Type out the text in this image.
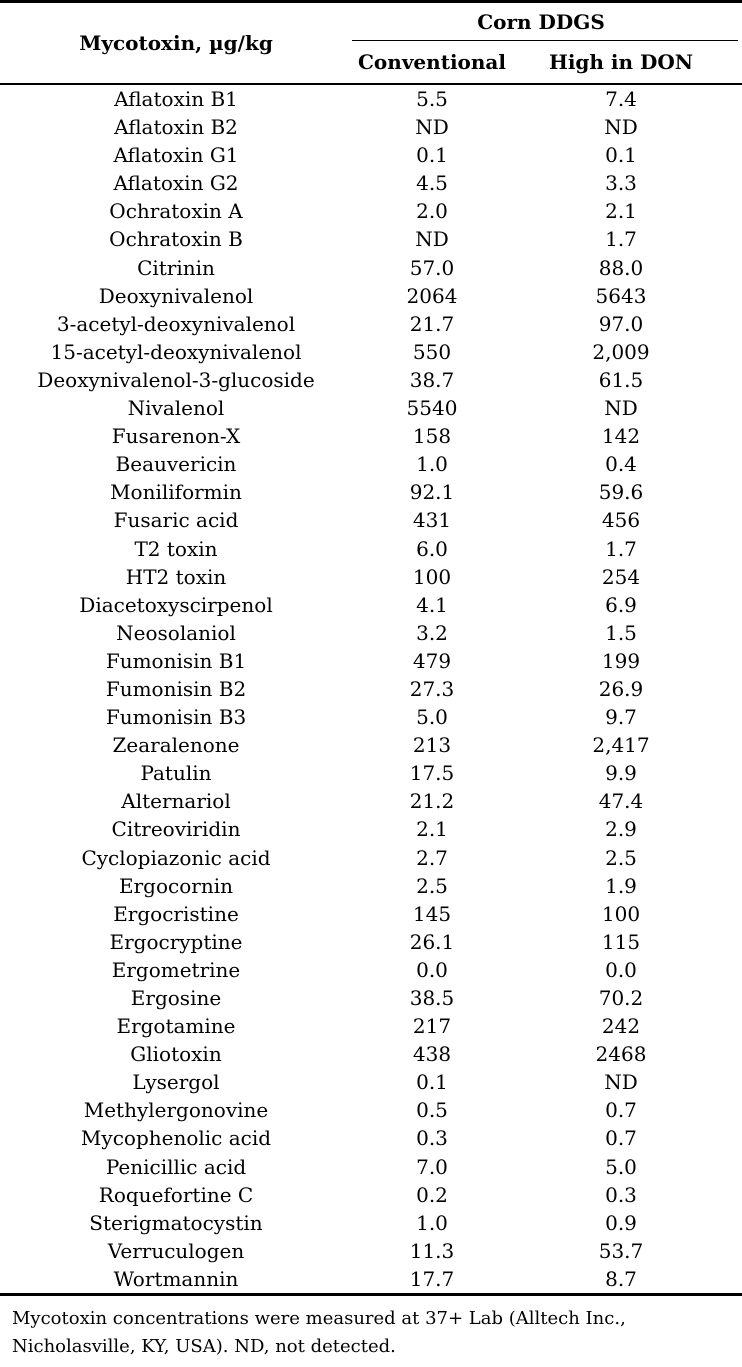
Mycotoxin, µg/kg	Corn DDGS	
	Conventional	High in DON
Aflatoxin B1	5.5	7.4
Aflatoxin B2	ND	ND
Aflatoxin G1	0.1	0.1
Aflatoxin G2	4.5	3.3
Ochratoxin A	2.0	2.1
Ochratoxin B	ND	1.7
Citrinin	57.0	88.0
Deoxynivalenol	2064	5643
3-acetyl-deoxynivalenol	21.7	97.0
15-acetyl-deoxynivalenol	550	2,009
Deoxynivalenol-3-glucoside	38.7	61.5
Nivalenol	5540	ND
Fusarenon-X	158	142
Beauvericin	1.0	0.4
Moniliformin	92.1	59.6
Fusaric acid	431	456
T2 toxin	6.0	1.7
HT2 toxin	100	254
Diacetoxyscirpenol	4.1	6.9
Neosolaniol	3.2	1.5
Fumonisin B1	479	199
Fumonisin B2	27.3	26.9
Fumonisin B3	5.0	9.7
Zearalenone	213	2,417
Patulin	17.5	9.9
Alternariol	21.2	47.4
Citreoviridin	2.1	2.9
Cyclopiazonic acid	2.7	2.5
Ergocornin	2.5	1.9
Ergocristine	145	100
Ergocryptine	26.1	115
Ergometrine	0.0	0.0
Ergosine	38.5	70.2
Ergotamine	217	242
Gliotoxin	438	2468
Lysergol	0.1	ND
Methylergonovine	0.5	0.7
Mycophenolic acid	0.3	0.7
Penicillic acid	7.0	5.0
Roquefortine C	0.2	0.3
Sterigmatocystin	1.0	0.9
Verruculogen	11.3	53.7
Wortmannin	17.7	8.7

Mycotoxin concentrations were measured at 37+ Lab (Alltech Inc., Nicholasville, KY, USA). ND, not detected.
